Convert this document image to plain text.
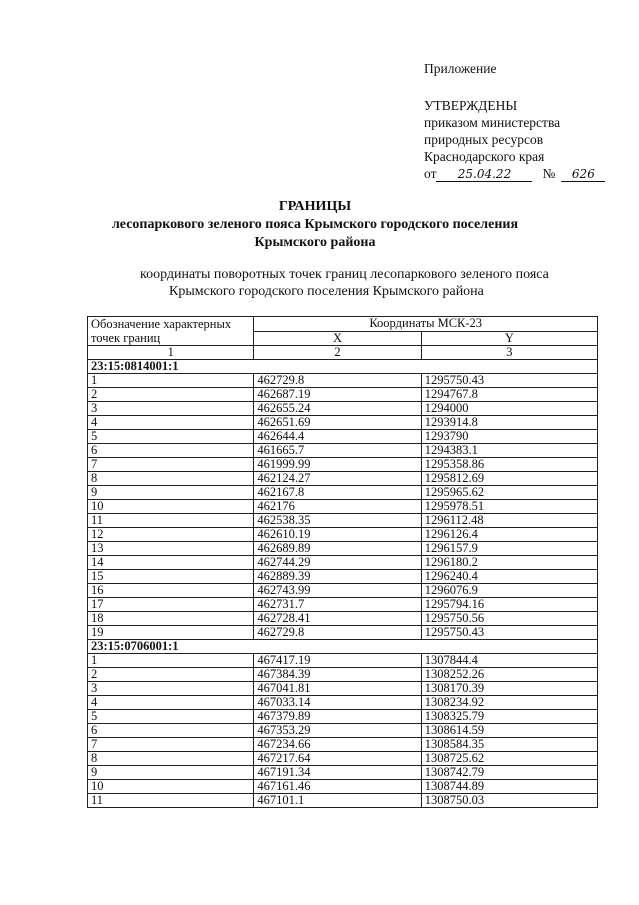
Приложение
УТВЕРЖДЕНЫ
приказом министерства
природных ресурсов
Краснодарского края
от 25.04.22 № 626
ГРАНИЦЫ
лесопаркового зеленого пояса Крымского городского поселения
Крымского района
координаты поворотных точек границ лесопаркового зеленого пояса
Крымского городского поселения Крымского района
Обозначение характерных точек границ	Координаты МСК-23	
	X	Y
1	2	3
23:15:0814001:1		
1	462729.8	1295750.43
2	462687.19	1294767.8
3	462655.24	1294000
4	462651.69	1293914.8
5	462644.4	1293790
6	461665.7	1294383.1
7	461999.99	1295358.86
8	462124.27	1295812.69
9	462167.8	1295965.62
10	462176	1295978.51
11	462538.35	1296112.48
12	462610.19	1296126.4
13	462689.89	1296157.9
14	462744.29	1296180.2
15	462889.39	1296240.4
16	462743.99	1296076.9
17	462731.7	1295794.16
18	462728.41	1295750.56
19	462729.8	1295750.43
23:15:0706001:1		
1	467417.19	1307844.4
2	467384.39	1308252.26
3	467041.81	1308170.39
4	467033.14	1308234.92
5	467379.89	1308325.79
6	467353.29	1308614.59
7	467234.66	1308584.35
8	467217.64	1308725.62
9	467191.34	1308742.79
10	467161.46	1308744.89
11	467101.1	1308750.03
